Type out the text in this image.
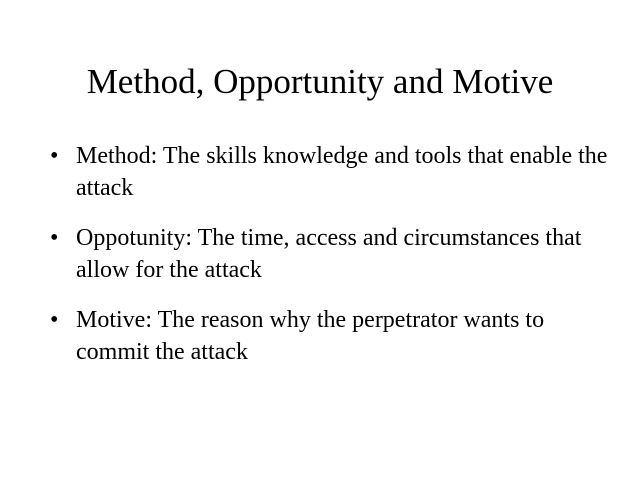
Method, Opportunity and Motive
• Method: The skills knowledge and tools that enable the attack
• Oppotunity: The time, access and circumstances that allow for the attack
• Motive: The reason why the perpetrator wants to commit the attack
